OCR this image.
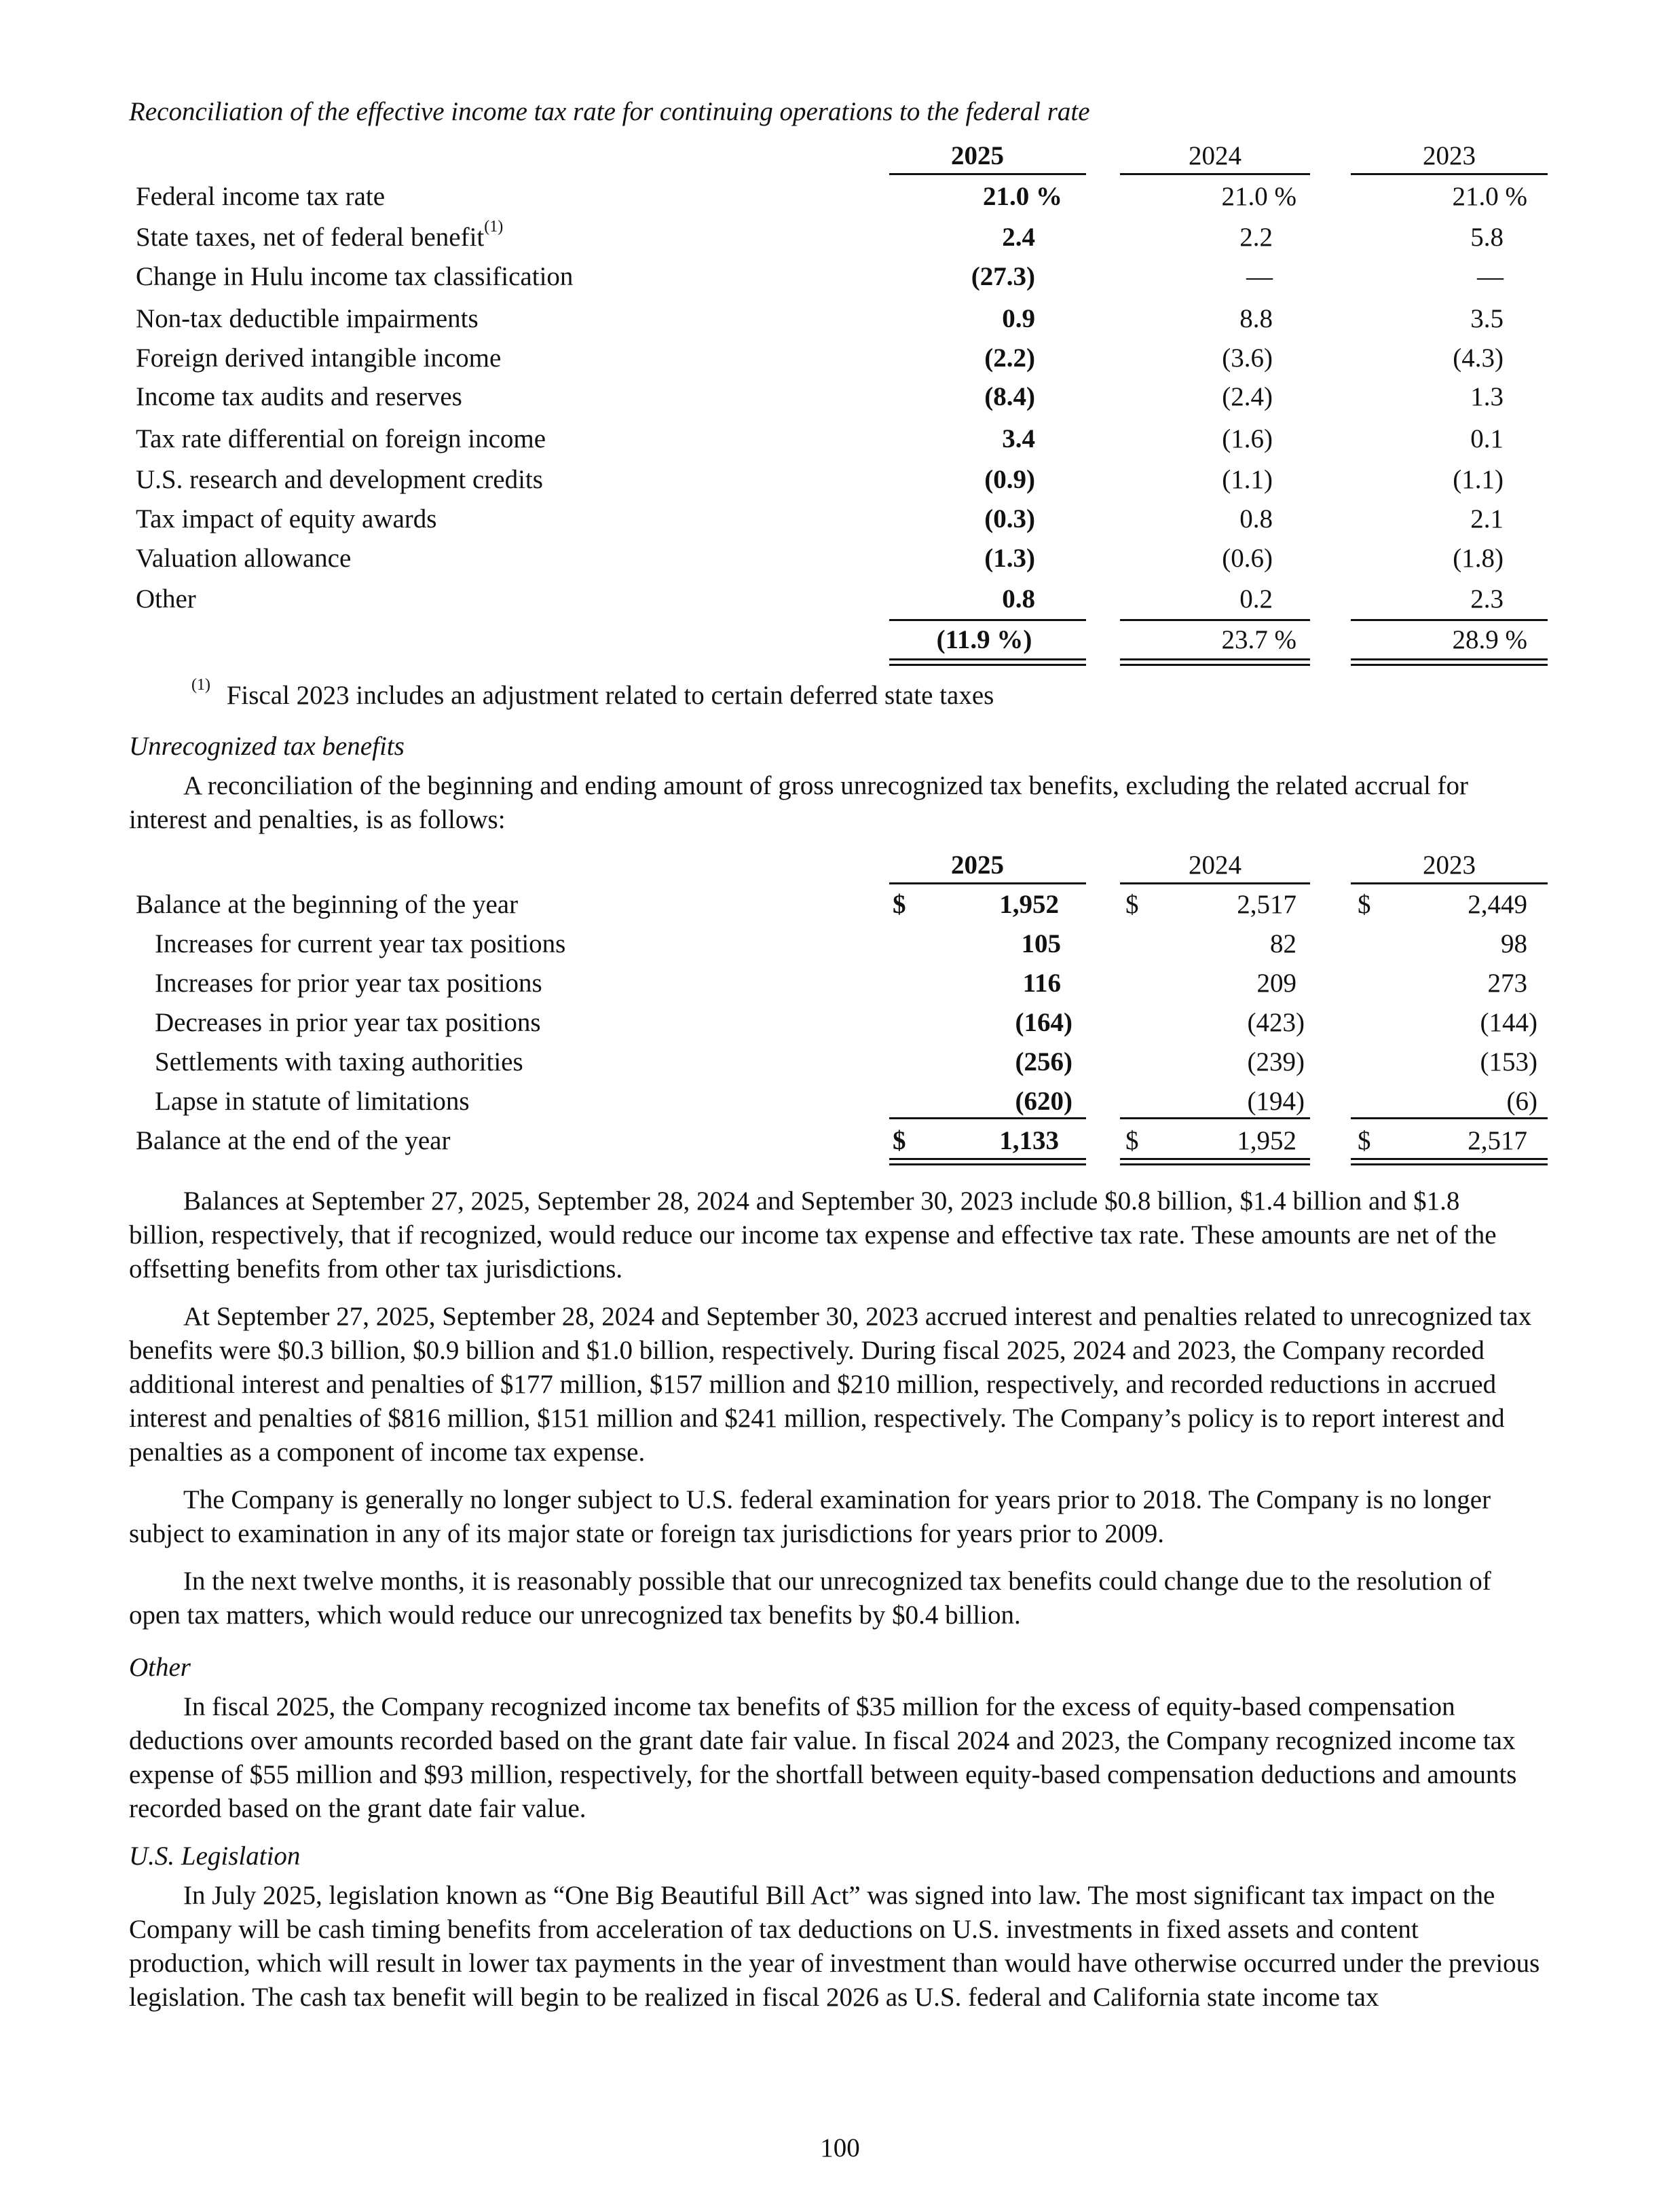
Reconciliation of the effective income tax rate for continuing operations to the federal rate
2025	2024	2023
Federal income tax rate	21.0 %	21.0 %	21.0 %
State taxes, net of federal benefit$^{(1)}$	2.4	2.2	5.8
Change in Hulu income tax classification	(27.3)	—	—
Non-tax deductible impairments	0.9	8.8	3.5
Foreign derived intangible income	(2.2)	(3.6)	(4.3)
Income tax audits and reserves	(8.4)	(2.4)	1.3
Tax rate differential on foreign income	3.4	(1.6)	0.1
U.S. research and development credits	(0.9)	(1.1)	(1.1)
Tax impact of equity awards	(0.3)	0.8	2.1
Valuation allowance	(1.3)	(0.6)	(1.8)
Other	0.8	0.2	2.3
(11.9 %)	23.7 %	28.9 %
$^{(1)}$ Fiscal 2023 includes an adjustment related to certain deferred state taxes
Unrecognized tax benefits

A reconciliation of the beginning and ending amount of gross unrecognized tax benefits, excluding the related accrual for interest and penalties, is as follows:

2025	2024	2023
Balance at the beginning of the year	$	1,952	$	2,517 $	2,449
Increases for current year tax positions	105	82	98
Increases for prior year tax positions	116	209	273
Decreases in prior year tax positions	(164)	(423)	(144)
Settlements with taxing authorities	(256)	(239)	(153)
Lapse in statute of limitations	(620)	(194)	(6)
Balance at the end of the year	$	1,133	$	1,952 $	2,517

Balances at September 27, 2025, September 28, 2024 and September 30, 2023 include $0.8 billion, $1.4 billion and $1.8 billion, respectively, that if recognized, would reduce our income tax expense and effective tax rate. These amounts are net of the offsetting benefits from other tax jurisdictions.

At September 27, 2025, September 28, 2024 and September 30, 2023 accrued interest and penalties related to unrecognized tax benefits were $0.3 billion, $0.9 billion and $1.0 billion, respectively. During fiscal 2025, 2024 and 2023, the Company recorded additional interest and penalties of $177 million, $157 million and $210 million, respectively, and recorded reductions in accrued interest and penalties of $816 million, $151 million and $241 million, respectively. The Company’s policy is to report interest and penalties as a component of income tax expense.

The Company is generally no longer subject to U.S. federal examination for years prior to 2018. The Company is no longer subject to examination in any of its major state or foreign tax jurisdictions for years prior to 2009.

In the next twelve months, it is reasonably possible that our unrecognized tax benefits could change due to the resolution of open tax matters, which would reduce our unrecognized tax benefits by $0.4 billion.

Other

In fiscal 2025, the Company recognized income tax benefits of $35 million for the excess of equity-based compensation deductions over amounts recorded based on the grant date fair value. In fiscal 2024 and 2023, the Company recognized income tax expense of $55 million and $93 million, respectively, for the shortfall between equity-based compensation deductions and amounts recorded based on the grant date fair value.

U.S. Legislation

In July 2025, legislation known as “One Big Beautiful Bill Act” was signed into law. The most significant tax impact on the Company will be cash timing benefits from acceleration of tax deductions on U.S. investments in fixed assets and content production, which will result in lower tax payments in the year of investment than would have otherwise occurred under the previous legislation. The cash tax benefit will begin to be realized in fiscal 2026 as U.S. federal and California state income tax

100
